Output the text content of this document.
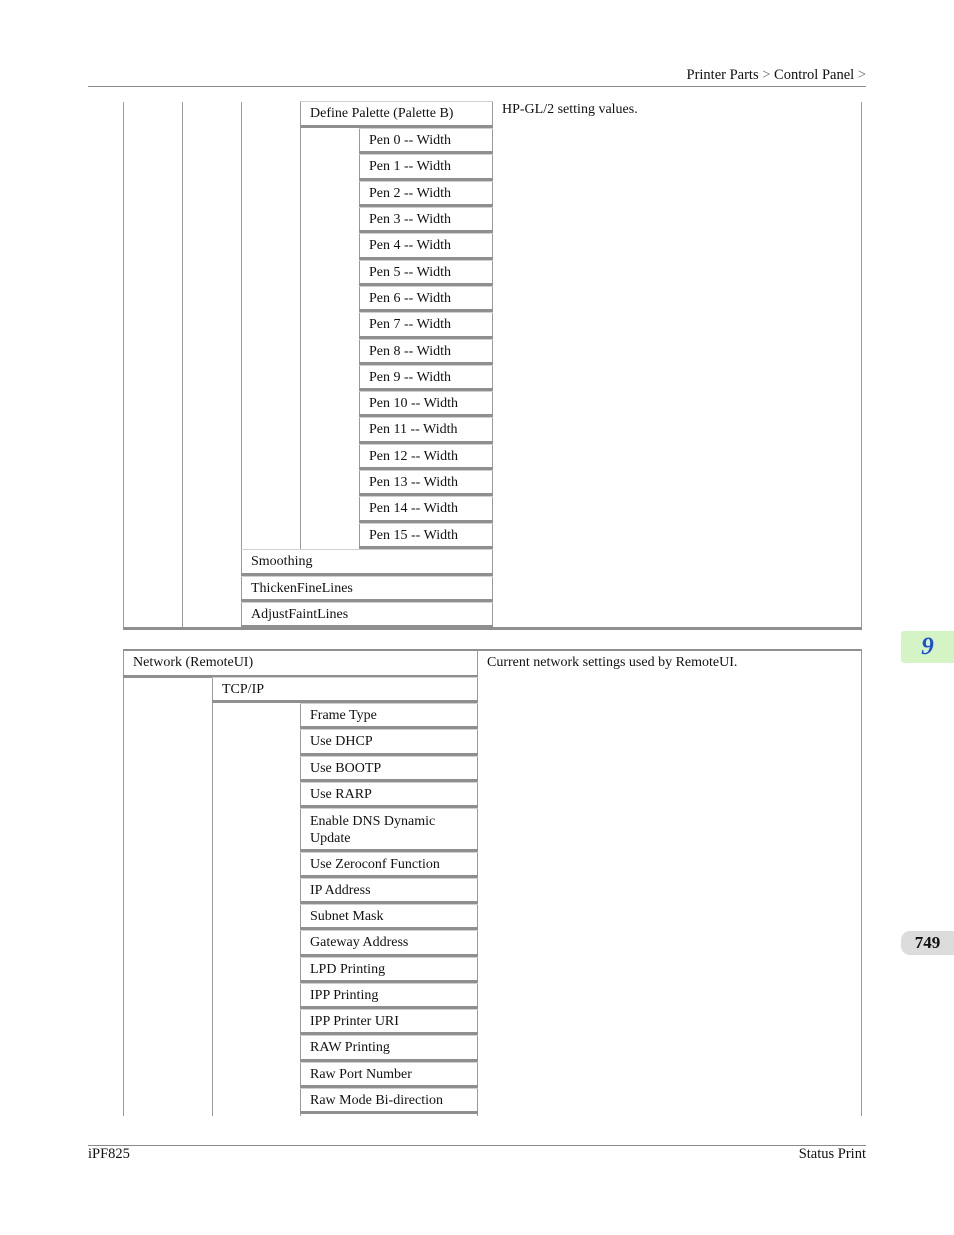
Printer Parts > Control Panel >
Define Palette (Palette B)
Pen 0 -- Width
Pen 1 -- Width
Pen 2 -- Width
Pen 3 -- Width
Pen 4 -- Width
Pen 5 -- Width
Pen 6 -- Width
Pen 7 -- Width
Pen 8 -- Width
Pen 9 -- Width
Pen 10 -- Width
Pen 11 -- Width
Pen 12 -- Width
Pen 13 -- Width
Pen 14 -- Width
Pen 15 -- Width
Smoothing
ThickenFineLines
AdjustFaintLines
HP-GL/2 setting values.
Network (RemoteUI)
TCP/IP
Frame Type
Use DHCP
Use BOOTP
Use RARP
Enable DNS Dynamic Update
Use Zeroconf Function
IP Address
Subnet Mask
Gateway Address
LPD Printing
IPP Printing
IPP Printer URI
RAW Printing
Raw Port Number
Raw Mode Bi-direction
Current network settings used by RemoteUI.
9
749
iPF825	Status Print
